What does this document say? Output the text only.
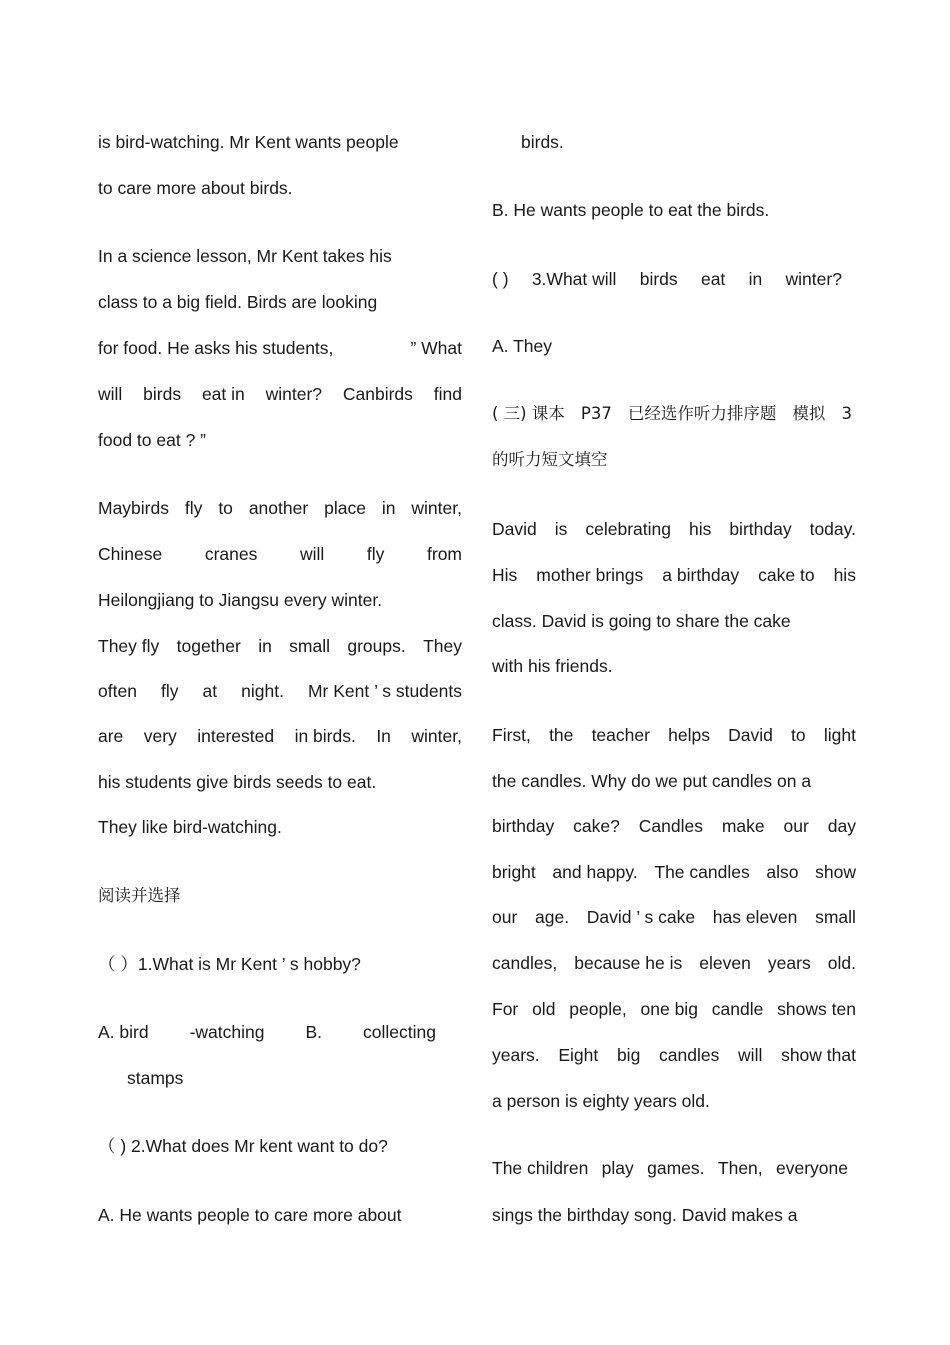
is bird-watching. Mr Kent wants people
to care more about birds.
In a science lesson, Mr Kent takes his
class to a big field. Birds are looking
for food. He asks his students,	” What
will birds eat in winter? Canbirds find
food to eat ? ”
Maybirds fly to another place in winter,
Chinese cranes will fly from
Heilongjiang to Jiangsu every winter.
They fly together in small groups. They
often fly at night. Mr Kent ’ s students
are very interested in birds. In winter,
his students give birds seeds to eat.
They like bird-watching.
阅读并选择
（ ）1.What is Mr Kent ’ s hobby?
A. bird -watching B. collecting
stamps
（ ) 2.What does Mr kent want to do?
A. He wants people to care more about
birds.
B. He wants people to eat the birds.
( ) 3.What will birds eat in winter?
A. They
( 三) 课本 P37 已经选作听力排序题 模拟 3
的听力短文填空
David is celebrating his birthday today.
His mother brings a birthday cake to his
class. David is going to share the cake
with his friends.
First, the teacher helps David to light
the candles. Why do we put candles on a
birthday cake? Candles make our day
bright and happy. The candles also show
our age. David ’ s cake has eleven small
candles, because he is eleven years old.
For old people, one big candle shows ten
years. Eight big candles will show that
a person is eighty years old.
The children play games. Then, everyone
sings the birthday song. David makes a
